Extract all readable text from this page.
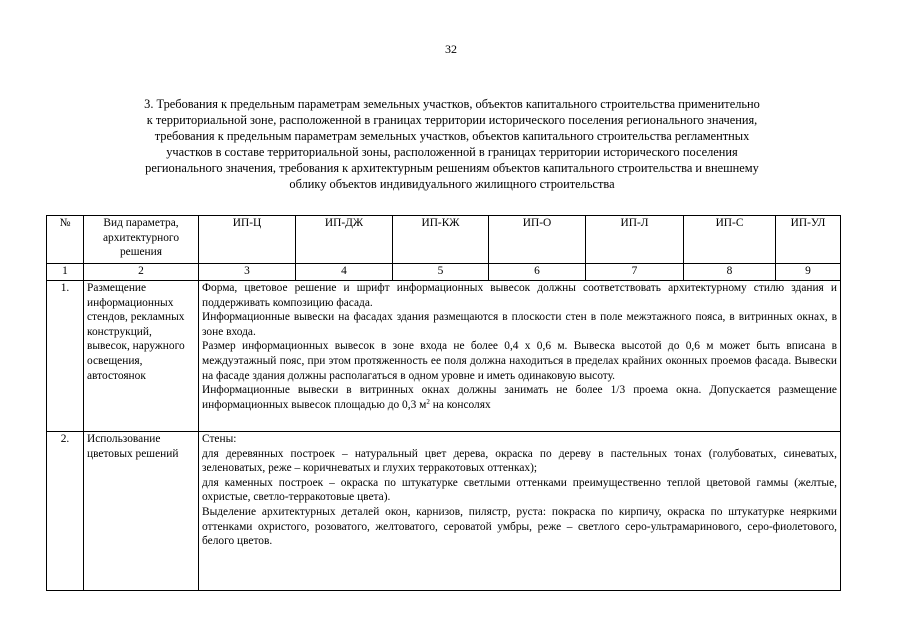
32
3. Требования к предельным параметрам земельных участков, объектов капитального строительства применительно
к территориальной зоне, расположенной в границах территории исторического поселения регионального значения,
требования к предельным параметрам земельных участков, объектов капитального строительства регламентных
участков в составе территориальной зоны, расположенной в границах территории исторического поселения
регионального значения, требования к архитектурным решениям объектов капитального строительства и внешнему
облику объектов индивидуального жилищного строительства
№	Вид параметра, архитектурного решения	ИП-Ц	ИП-ДЖ	ИП-КЖ	ИП-О	ИП-Л	ИП-С	ИП-УЛ
1	2	3	4	5	6	7	8	9
1.	Размещение информационных стендов, рекламных конструкций, вывесок, наружного освещения, автостоянок	Форма, цветовое решение и шрифт информационных вывесок должны соответствовать архитектурному стилю здания и поддерживать композицию фасада.

Информационные вывески на фасадах здания размещаются в плоскости стен в поле межэтажного пояса, в витринных окнах, в зоне входа.

Размер информационных вывесок в зоне входа не более 0,4 х 0,6 м. Вывеска высотой до 0,6 м может быть вписана в междуэтажный пояс, при этом протяженность ее поля должна находиться в пределах крайних оконных проемов фасада. Вывески на фасаде здания должны располагаться в одном уровне и иметь одинаковую высоту.

Информационные вывески в витринных окнах должны занимать не более 1/3 проема окна. Допускается размещение информационных вывесок площадью до 0,3 $м^2$ на консолях						

2.	Использование цветовых решений	Стены:

для деревянных построек – натуральный цвет дерева, окраска по дереву в пастельных тонах (голубоватых, синеватых, зеленоватых, реже – коричневатых и глухих терракотовых оттенках);

для каменных построек – окраска по штукатурке светлыми оттенками преимущественно теплой цветовой гаммы (желтые, охристые, светло-терракотовые цвета).

Выделение архитектурных деталей окон, карнизов, пилястр, руста: покраска по кирпичу, окраска по штукатурке неяркими оттенками охристого, розоватого, желтоватого, сероватой умбры, реже – светлого серо-ультрамаринового, серо-фиолетового, белого цветов.						
